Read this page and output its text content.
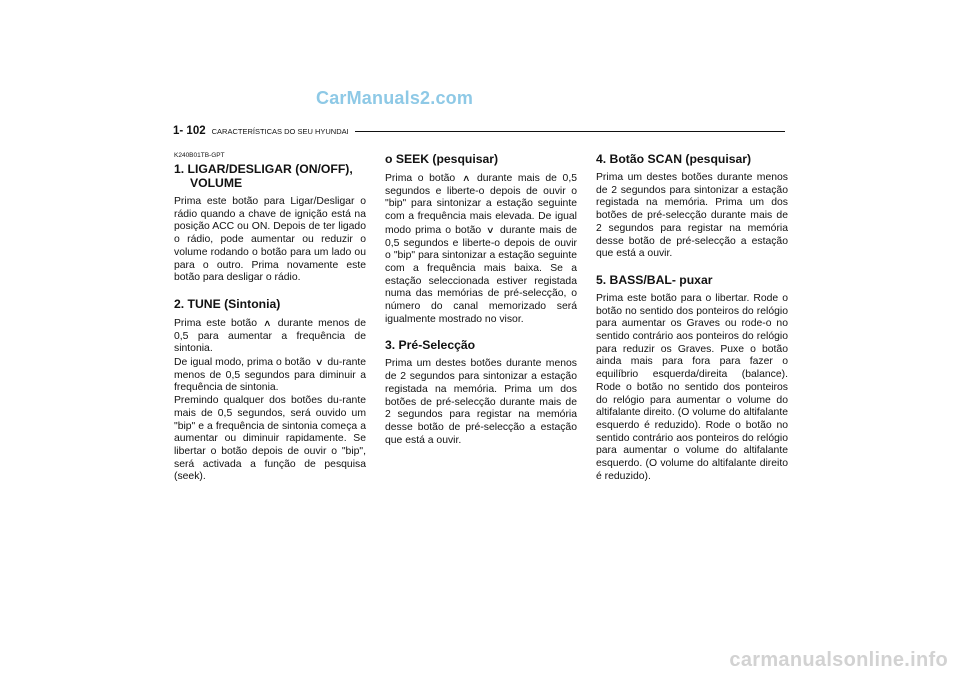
CarManuals2.com
1- 102 CARACTERÍSTICAS DO SEU HYUNDAI
K240B01TB-GPT
1. LIGAR/DESLIGAR (ON/OFF),
VOLUME

Prima este botão para Ligar/Desligar o rádio quando a chave de ignição está na posição ACC ou ON. Depois de ter ligado o rádio, pode aumentar ou reduzir o volume rodando o botão para um lado ou para o outro. Prima novamente este botão para desligar o rádio.

2. TUNE (Sintonia)

Prima este botão ∧ durante menos de 0,5 para aumentar a frequência de sintonia.

De igual modo, prima o botão ∨ du-rante menos de 0,5 segundos para diminuir a frequência de sintonia.

Premindo qualquer dos botões du-rante mais de 0,5 segundos, será ouvido um "bip" e a frequência de sintonia começa a aumentar ou diminuir rapidamente. Se libertar o botão depois de ouvir o "bip", será activada a função de pesquisa (seek).

o SEEK (pesquisar)

Prima o botão ∧ durante mais de 0,5 segundos e liberte-o depois de ouvir o "bip" para sintonizar a estação seguinte com a frequência mais elevada. De igual modo prima o botão ∨ durante mais de 0,5 segundos e liberte-o depois de ouvir o "bip" para sintonizar a estação seguinte com a frequência mais baixa. Se a estação seleccionada estiver registada numa das memórias de pré-selecção, o número do canal memorizado será igualmente mostrado no visor.

3. Pré-Selecção

Prima um destes botões durante menos de 2 segundos para sintonizar a estação registada na memória. Prima um dos botões de pré-selecção durante mais de 2 segundos para registar na memória desse botão de pré-selecção a estação que está a ouvir.

4. Botão SCAN (pesquisar)

Prima um destes botões durante menos de 2 segundos para sintonizar a estação registada na memória. Prima um dos botões de pré-selecção durante mais de 2 segundos para registar na memória desse botão de pré-selecção a estação que está a ouvir.

5. BASS/BAL- puxar

Prima este botão para o libertar. Rode o botão no sentido dos ponteiros do relógio para aumentar os Graves ou rode-o no sentido contrário aos ponteiros do relógio para reduzir os Graves. Puxe o botão ainda mais para fora para fazer o equilíbrio esquerda/direita (balance). Rode o botão no sentido dos ponteiros do relógio para aumentar o volume do altifalante direito. (O volume do altifalante esquerdo é reduzido). Rode o botão no sentido contrário aos ponteiros do relógio para aumentar o volume do altifalante esquerdo. (O volume do altifalante direito é reduzido).

carmanualsonline.info
